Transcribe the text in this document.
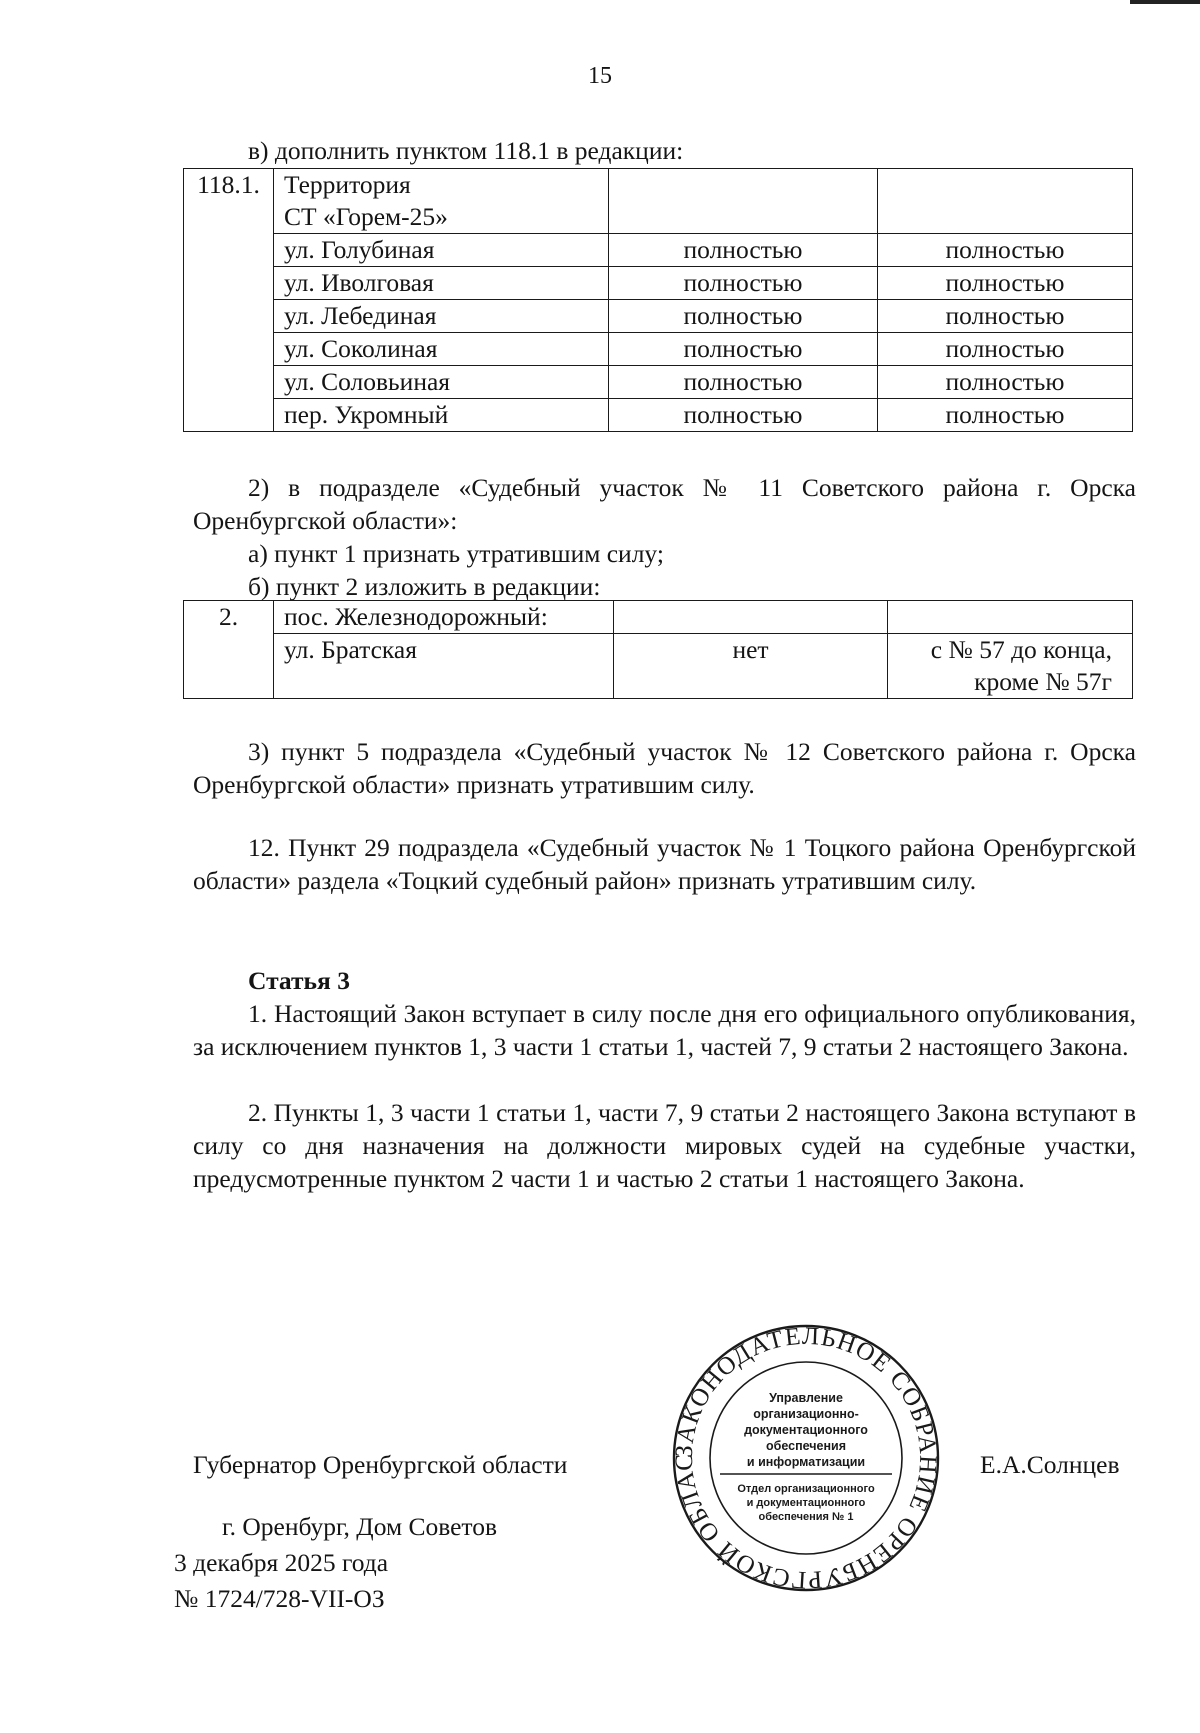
15
в) дополнить пунктом 118.1 в редакции:
118.1.	Территория
СТ «Горем-25»		

	ул. Голубиная	полностью	полностью
	ул. Иволговая	полностью	полностью
	ул. Лебединая	полностью	полностью
	ул. Соколиная	полностью	полностью
	ул. Соловьиная	полностью	полностью
	пер. Укромный	полностью	полностью
2) в подразделе «Судебный участок № 11 Советского района г. Орска Оренбургской области»:
а) пункт 1 признать утратившим силу;
б) пункт 2 изложить в редакции:
2.	пос. Железнодорожный:		
	ул. Братская	нет	с № 57 до конца,
кроме № 57г
3) пункт 5 подраздела «Судебный участок № 12 Советского района г. Орска Оренбургской области» признать утратившим силу.
12. Пункт 29 подраздела «Судебный участок № 1 Тоцкого района Оренбургской области» раздела «Тоцкий судебный район» признать утратившим силу.
Статья 3
1. Настоящий Закон вступает в силу после дня его официального опубликования, за исключением пунктов 1, 3 части 1 статьи 1, частей 7, 9 статьи 2 настоящего Закона.
2. Пункты 1, 3 части 1 статьи 1, части 7, 9 статьи 2 настоящего Закона вступают в силу со дня назначения на должности мировых судей на судебные участки, предусмотренные пунктом 2 части 1 и частью 2 статьи 1 настоящего Закона.
Губернатор Оренбургской области	Е.А.Солнцев
г. Оренбург, Дом Советов
3 декабря 2025 года
№ 1724/728-VII-ОЗ
ЗАКОНОДАТЕЛЬНОЕ СОБРАНИЕ ОРЕНБУРГСКОЙ ОБЛАС
Управление
организационно-
документационного
обеспечения
и информатизации
Отдел организационного
и документационного
обеспечения № 1
